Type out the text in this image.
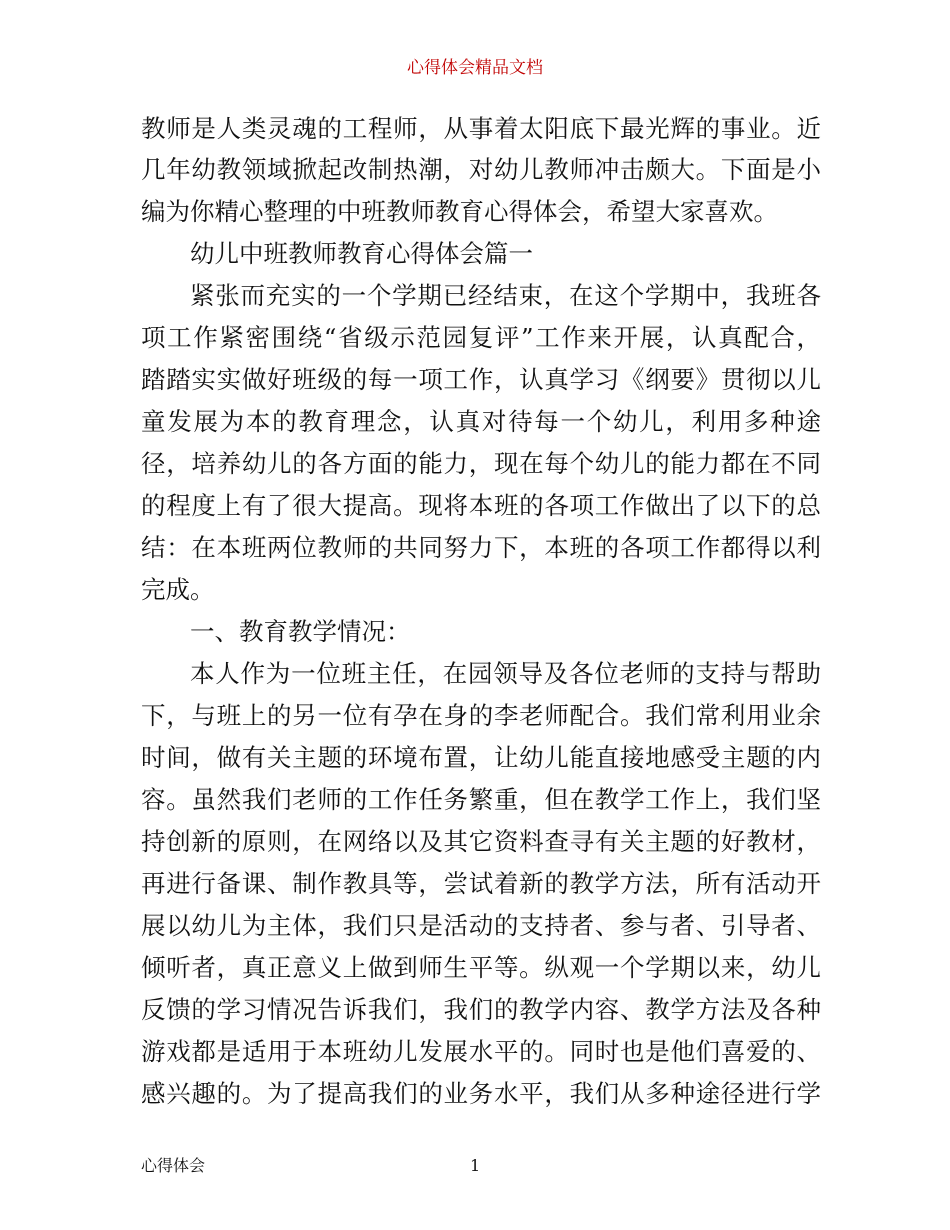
心得体会精品文档
教师是人类灵魂的工程师，从事着太阳底下最光辉的事业。近
几年幼教领域掀起改制热潮，对幼儿教师冲击颇大。下面是小
编为你精心整理的中班教师教育心得体会，希望大家喜欢。
幼儿中班教师教育心得体会篇一
紧张而充实的一个学期已经结束，在这个学期中，我班各
项工作紧密围绕“省级示范园复评”工作来开展，认真配合，
踏踏实实做好班级的每一项工作，认真学习《纲要》贯彻以儿
童发展为本的教育理念，认真对待每一个幼儿，利用多种途
径，培养幼儿的各方面的能力，现在每个幼儿的能力都在不同
的程度上有了很大提高。现将本班的各项工作做出了以下的总
结：在本班两位教师的共同努力下，本班的各项工作都得以利
完成。
一、教育教学情况：
本人作为一位班主任，在园领导及各位老师的支持与帮助
下，与班上的另一位有孕在身的李老师配合。我们常利用业余
时间，做有关主题的环境布置，让幼儿能直接地感受主题的内
容。虽然我们老师的工作任务繁重，但在教学工作上，我们坚
持创新的原则，在网络以及其它资料查寻有关主题的好教材，
再进行备课、制作教具等，尝试着新的教学方法，所有活动开
展以幼儿为主体，我们只是活动的支持者、参与者、引导者、
倾听者，真正意义上做到师生平等。纵观一个学期以来，幼儿
反馈的学习情况告诉我们，我们的教学内容、教学方法及各种
游戏都是适用于本班幼儿发展水平的。同时也是他们喜爱的、
感兴趣的。为了提高我们的业务水平，我们从多种途径进行学
心得体会	1
